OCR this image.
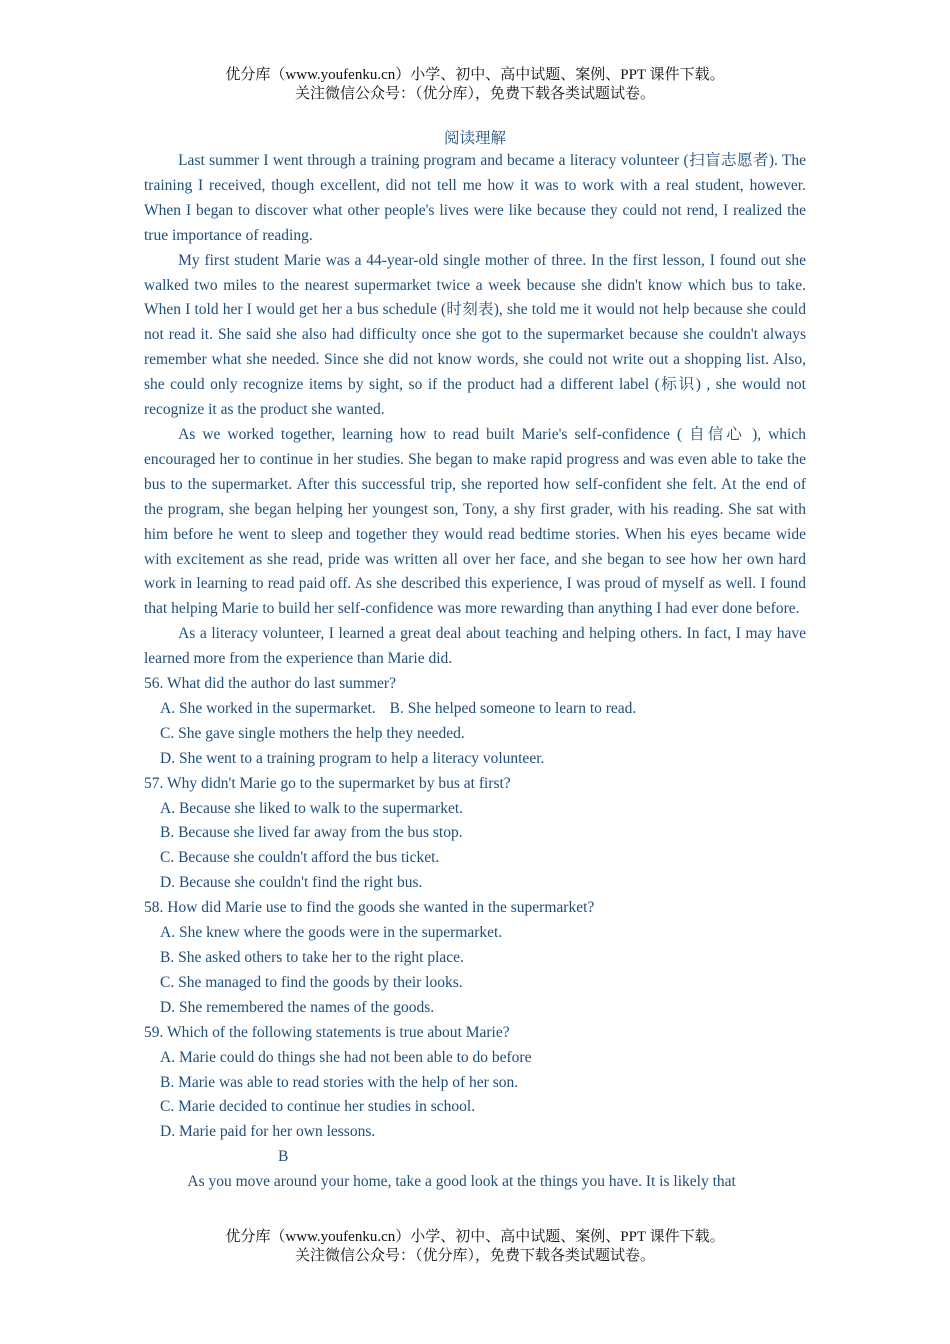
优分库（www.youfenku.cn）小学、初中、高中试题、案例、PPT 课件下载。
关注微信公众号：（优分库），免费下载各类试题试卷。
阅读理解

Last summer I went through a training program and became a literacy volunteer (扫盲志愿者). The training I received, though excellent, did not tell me how it was to work with a real student, however. When I began to discover what other people's lives were like because they could not rend, I realized the true importance of reading.

My first student Marie was a 44-year-old single mother of three. In the first lesson, I found out she walked two miles to the nearest supermarket twice a week because she didn't know which bus to take. When I told her I would get her a bus schedule (时刻表), she told me it would not help because she could not read it. She said she also had difficulty once she got to the supermarket because she couldn't always remember what she needed. Since she did not know words, she could not write out a shopping list. Also, she could only recognize items by sight, so if the product had a different label (标识) , she would not recognize it as the product she wanted.

As we worked together, learning how to read built Marie's self-confidence ( 自信心 ), which encouraged her to continue in her studies. She began to make rapid progress and was even able to take the bus to the supermarket. After this successful trip, she reported how self-confident she felt. At the end of the program, she began helping her youngest son, Tony, a shy first grader, with his reading. She sat with him before he went to sleep and together they would read bedtime stories. When his eyes became wide with excitement as she read, pride was written all over her face, and she began to see how her own hard work in learning to read paid off. As she described this experience, I was proud of myself as well. I found that helping Marie to build her self-confidence was more rewarding than anything I had ever done before.

As a literacy volunteer, I learned a great deal about teaching and helping others. In fact, I may have learned more from the experience than Marie did.

56. What did the author do last summer?
A. She worked in the supermarket. B. She helped someone to learn to read.
C. She gave single mothers the help they needed.
D. She went to a training program to help a literacy volunteer.
57. Why didn't Marie go to the supermarket by bus at first?
A. Because she liked to walk to the supermarket.
B. Because she lived far away from the bus stop.
C. Because she couldn't afford the bus ticket.
D. Because she couldn't find the right bus.
58. How did Marie use to find the goods she wanted in the supermarket?
A. She knew where the goods were in the supermarket.
B. She asked others to take her to the right place.
C. She managed to find the goods by their looks.
D. She remembered the names of the goods.
59. Which of the following statements is true about Marie?
A. Marie could do things she had not been able to do before
B. Marie was able to read stories with the help of her son.
C. Marie decided to continue her studies in school.
D. Marie paid for her own lessons.
B
As you move around your home, take a good look at the things you have. It is likely that
优分库（www.youfenku.cn）小学、初中、高中试题、案例、PPT 课件下载。
关注微信公众号：（优分库），免费下载各类试题试卷。
